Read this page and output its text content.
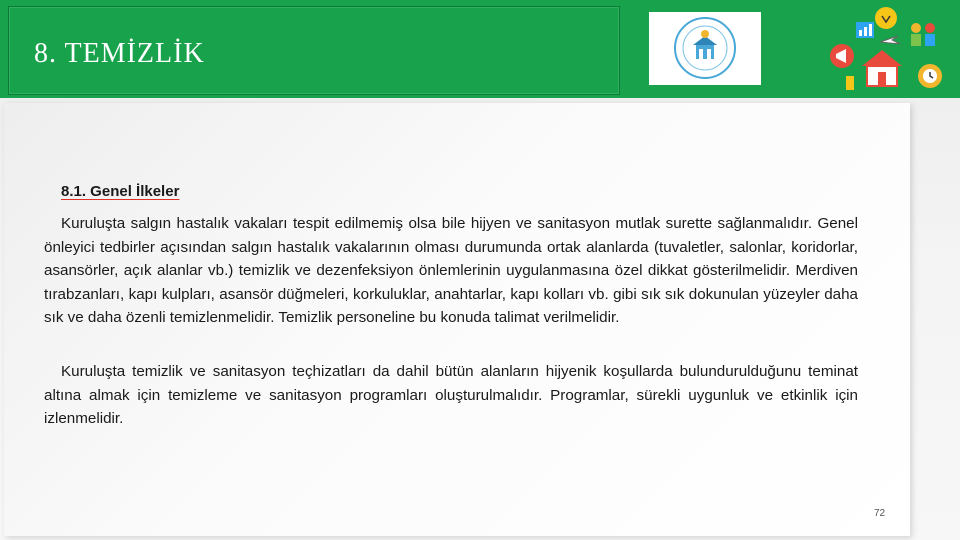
8. TEMİZLİK
8.1. Genel İlkeler

Kuruluşta salgın hastalık vakaları tespit edilmemiş olsa bile hijyen ve sanitasyon mutlak surette sağlanmalıdır. Genel önleyici tedbirler açısından salgın hastalık vakalarının olması durumunda ortak alanlarda (tuvaletler, salonlar, koridorlar, asansörler, açık alanlar vb.) temizlik ve dezenfeksiyon önlemlerinin uygulanmasına özel dikkat gösterilmelidir. Merdiven tırabzanları, kapı kulpları, asansör düğmeleri, korkuluklar, anahtarlar, kapı kolları vb. gibi sık sık dokunulan yüzeyler daha sık ve daha özenli temizlenmelidir. Temizlik personeline bu konuda talimat verilmelidir.

Kuruluşta temizlik ve sanitasyon teçhizatları da dahil bütün alanların hijyenik koşullarda bulundurulduğunu teminat altına almak için temizleme ve sanitasyon programları oluşturulmalıdır. Programlar, sürekli uygunluk ve etkinlik için izlenmelidir.

72
